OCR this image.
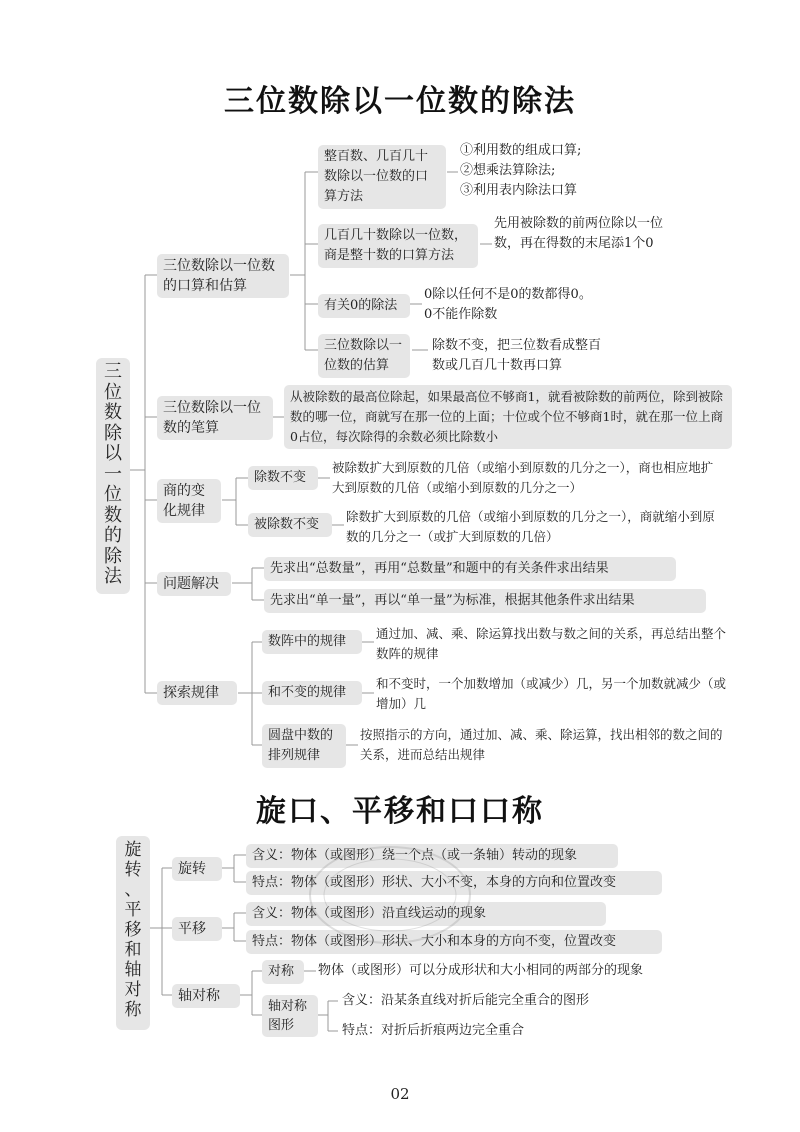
三位数除以一位数的除法
三
位
数
除
以
一
位
数
的
除
法
三位数除以一位数的口算和估算
整百数、几百几十数除以一位数的口算方法
①利用数的组成口算;
②想乘法算除法;
③利用表内除法口算
几百几十数除以一位数，商是整十数的口算方法
先用被除数的前两位除以一位数，再在得数的末尾添1个0
有关0的除法
0除以任何不是0的数都得0。
0不能作除数
三位数除以一位数的估算
除数不变，把三位数看成整百数或几百几十数再口算
三位数除以一位数的笔算
从被除数的最高位除起，如果最高位不够商1，就看被除数的前两位，除到被除数的哪一位，商就写在那一位的上面；十位或个位不够商1时，就在那一位上商0占位，每次除得的余数必须比除数小
商的变化规律
除数不变
被除数扩大到原数的几倍（或缩小到原数的几分之一），商也相应地扩大到原数的几倍（或缩小到原数的几分之一）
被除数不变
除数扩大到原数的几倍（或缩小到原数的几分之一），商就缩小到原数的几分之一（或扩大到原数的几倍）
问题解决
先求出“总数量”，再用“总数量”和题中的有关条件求出结果
先求出“单一量”，再以“单一量”为标准，根据其他条件求出结果
探索规律
数阵中的规律
通过加、减、乘、除运算找出数与数之间的关系，再总结出整个数阵的规律
和不变的规律
和不变时，一个加数增加（或减少）几，另一个加数就减少（或增加）几
圆盘中数的排列规律
按照指示的方向，通过加、减、乘、除运算，找出相邻的数之间的关系，进而总结出规律
旋口、平移和口口称
旋
转
、
平
移
和
轴
对
称
旋转
含义：物体（或图形）绕一个点（或一条轴）转动的现象
特点：物体（或图形）形状、大小不变，本身的方向和位置改变
平移
含义：物体（或图形）沿直线运动的现象
特点：物体（或图形）形状、大小和本身的方向不变，位置改变
轴对称
对称	物体（或图形）可以分成形状和大小相同的两部分的现象
轴对称图形
含义：沿某条直线对折后能完全重合的图形
特点：对折后折痕两边完全重合
02
